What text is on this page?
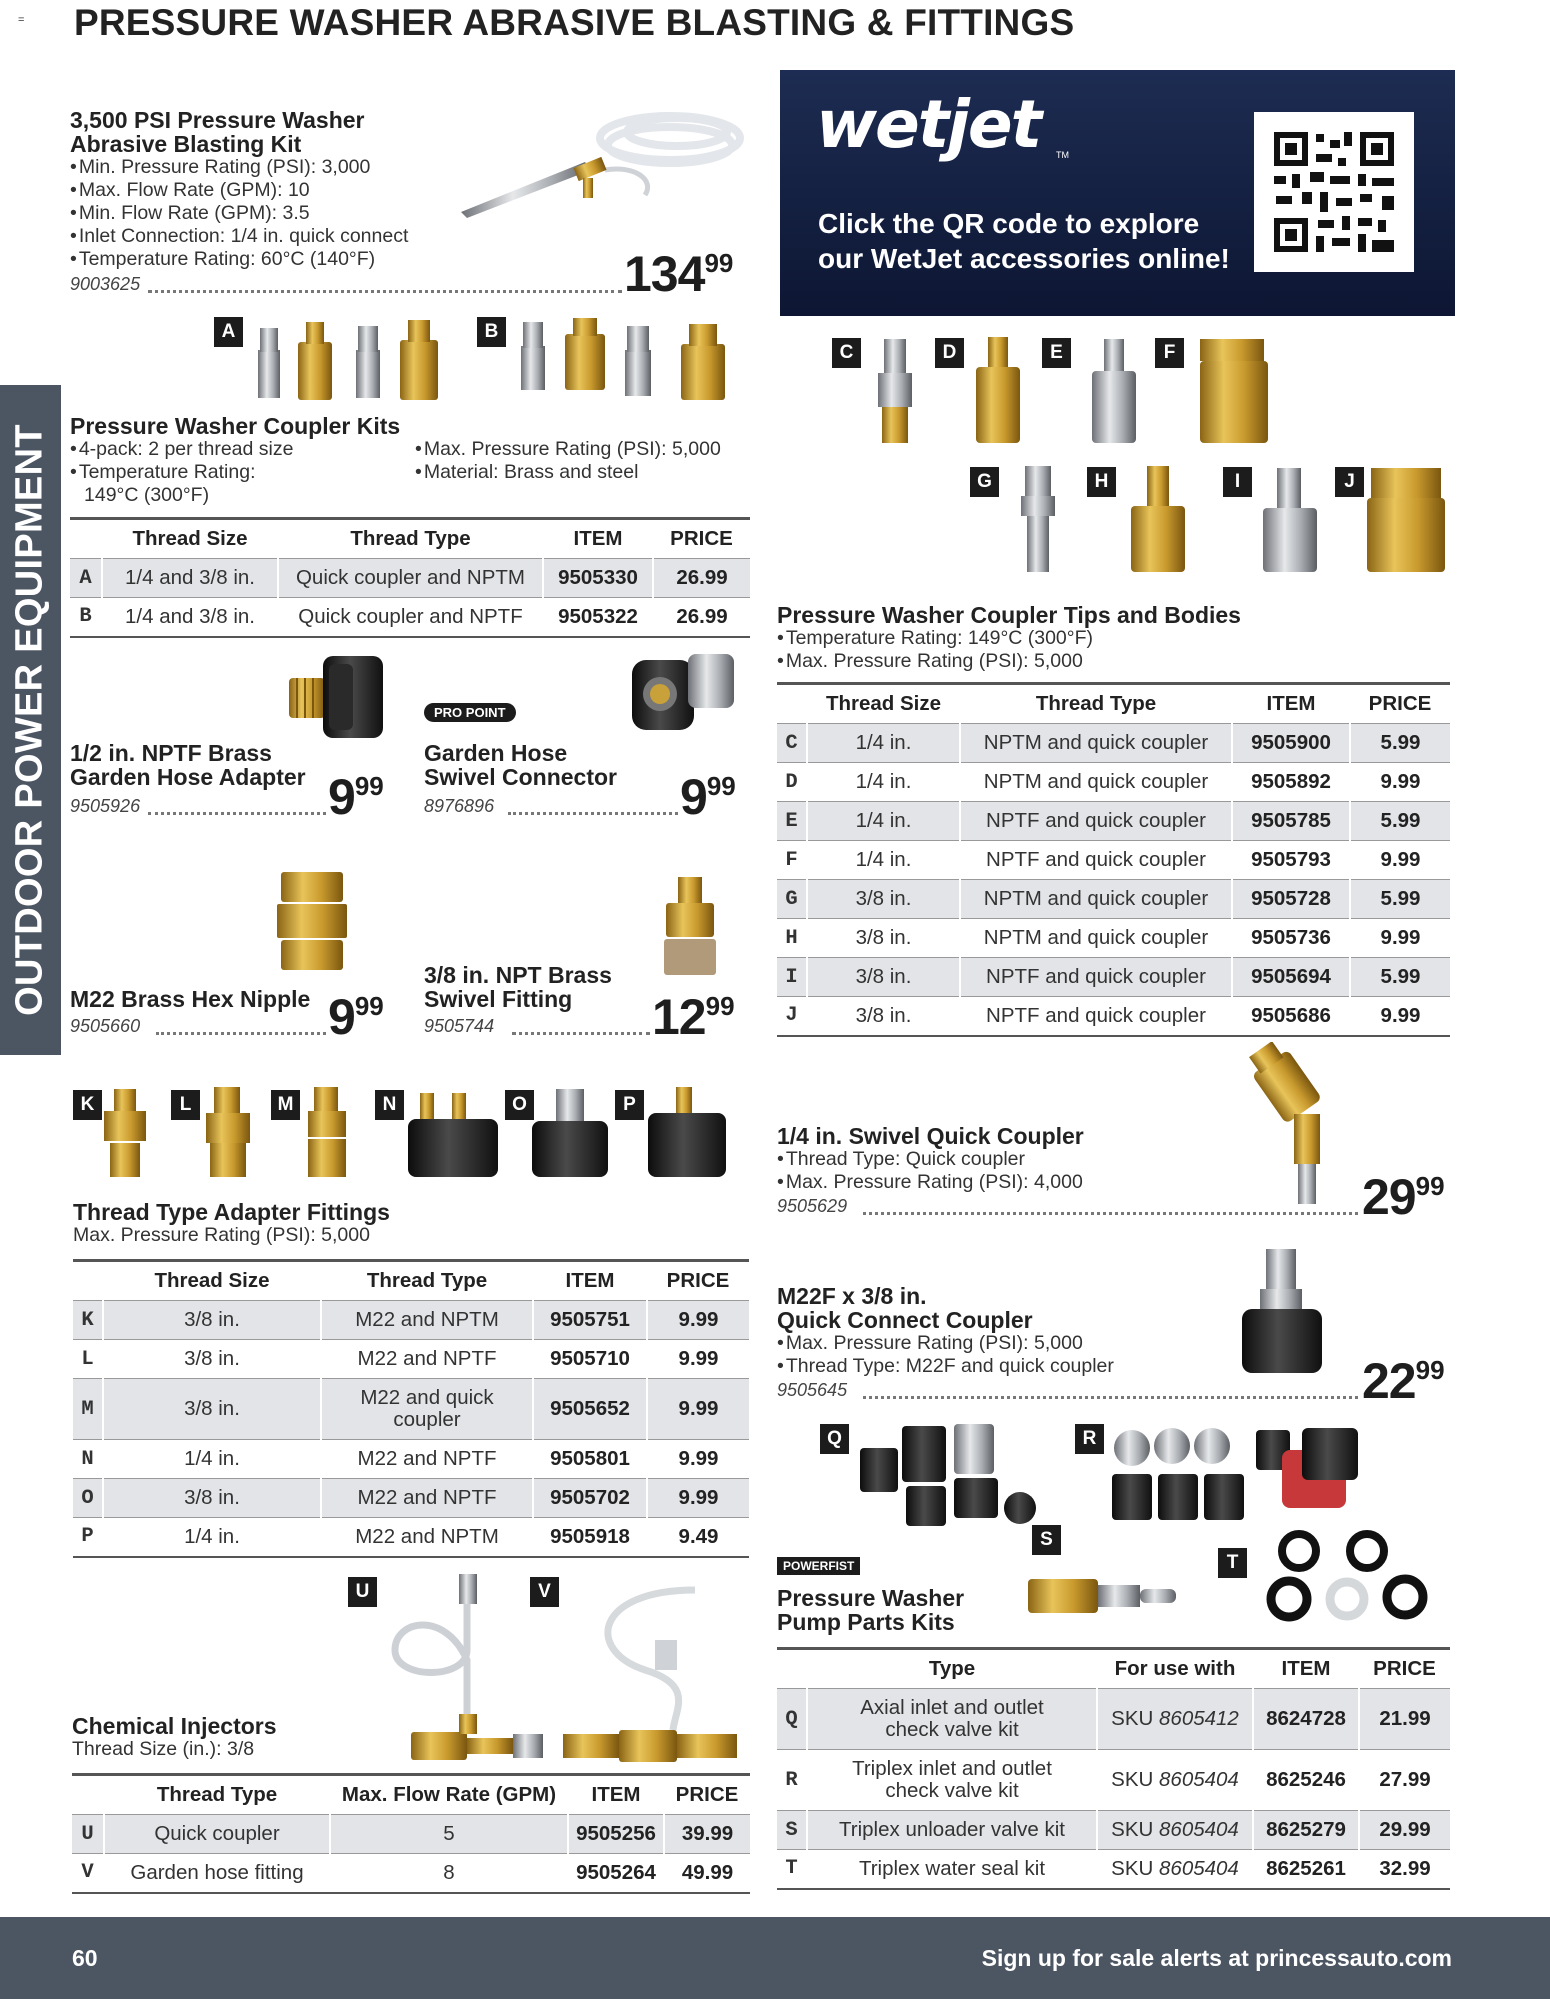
= PRESSURE WASHER ABRASIVE BLASTING & FITTINGS
OUTDOOR POWER EQUIPMENT
3,500 PSI Pressure Washer
Abrasive Blasting Kit
• Min. Pressure Rating (PSI): 3,000
• Max. Flow Rate (GPM): 10
• Min. Flow Rate (GPM): 3.5
• Inlet Connection: 1/4 in. quick connect
• Temperature Rating: 60°C (140°F)	13499
9003625
wetjet TM
Click the QR code to explore
our WetJet accessories online!
A	B
Pressure Washer Coupler Kits
• 4-pack: 2 per thread size
• Temperature Rating:
149°C (300°F)
• Max. Pressure Rating (PSI): 5,000
• Material: Brass and steel
	Thread Size	Thread Type	ITEM	PRICE
A	1/4 and 3/8 in.	Quick coupler and NPTM	9505330	26.99
B	1/4 and 3/8 in.	Quick coupler and NPTF	9505322	26.99
1/2 in. NPTF Brass
Garden Hose Adapter 999
9505926
PRO POINT
Garden Hose
Swivel Connector 999
8976896
M22 Brass Hex Nipple 999
9505660
3/8 in. NPT Brass
Swivel Fitting	1299
9505744
K	L	M	N	O	P
Thread Type Adapter Fittings
Max. Pressure Rating (PSI): 5,000
	Thread Size	Thread Type	ITEM	PRICE
K	3/8 in.	M22 and NPTM	9505751	9.99
L	3/8 in.	M22 and NPTF	9505710	9.99
M	3/8 in.	M22 and quick
coupler	9505652	9.99
N	1/4 in.	M22 and NPTF	9505801	9.99
O	3/8 in.	M22 and NPTF	9505702	9.99
P	1/4 in.	M22 and NPTM	9505918	9.49
U	V
Chemical Injectors
Thread Size (in.): 3/8
	Thread Type	Max. Flow Rate (GPM)	ITEM	PRICE
U	Quick coupler	5	9505256	39.99
V	Garden hose fitting	8	9505264	49.99
C	D	E	F
G	H	I	J
Pressure Washer Coupler Tips and Bodies
• Temperature Rating: 149°C (300°F)
• Max. Pressure Rating (PSI): 5,000
	Thread Size	Thread Type	ITEM	PRICE
C	1/4 in.	NPTM and quick coupler	9505900	5.99
D	1/4 in.	NPTM and quick coupler	9505892	9.99
E	1/4 in.	NPTF and quick coupler	9505785	5.99
F	1/4 in.	NPTF and quick coupler	9505793	9.99
G	3/8 in.	NPTM and quick coupler	9505728	5.99
H	3/8 in.	NPTM and quick coupler	9505736	9.99
I	3/8 in.	NPTF and quick coupler	9505694	5.99
J	3/8 in.	NPTF and quick coupler	9505686	9.99
1/4 in. Swivel Quick Coupler
• Thread Type: Quick coupler
• Max. Pressure Rating (PSI): 4,000	2999
9505629
M22F x 3/8 in.
Quick Connect Coupler
• Max. Pressure Rating (PSI): 5,000
• Thread Type: M22F and quick coupler	2299
9505645
Q	R
S
T
POWERFIST
Pressure Washer
Pump Parts Kits
	Type	For use with	ITEM	PRICE
Q	Axial inlet and outlet
check valve kit	SKU 8605412	8624728	21.99
R	Triplex inlet and outlet
check valve kit	SKU 8605404	8625246	27.99
S	Triplex unloader valve kit	SKU 8605404	8625279	29.99
T	Triplex water seal kit	SKU 8605404	8625261	32.99
60	Sign up for sale alerts at princessauto.com
